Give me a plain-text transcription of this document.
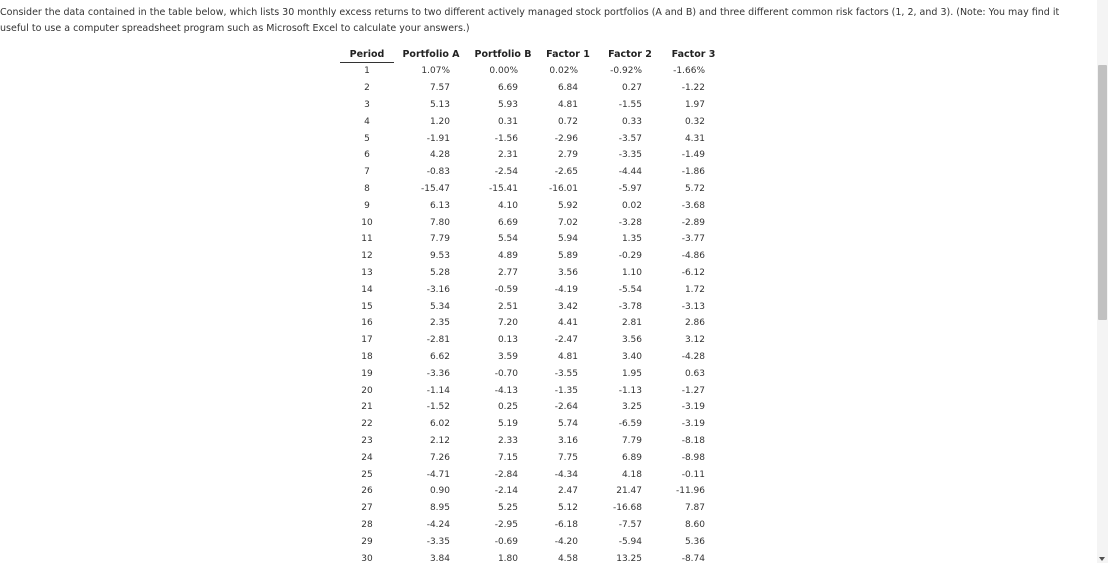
Consider the data contained in the table below, which lists 30 monthly excess returns to two different actively managed stock portfolios (A and B) and three different common risk factors (1, 2, and 3). (Note: You may find it useful to use a computer spreadsheet program such as Microsoft Excel to calculate your answers.)

Period	Portfolio A	Portfolio B	Factor 1	Factor 2	Factor 3
1	1.07%	0.00%	0.02%	-0.92%	-1.66%
2	7.57	6.69	6.84	0.27	-1.22
3	5.13	5.93	4.81	-1.55	1.97
4	1.20	0.31	0.72	0.33	0.32
5	-1.91	-1.56	-2.96	-3.57	4.31
6	4.28	2.31	2.79	-3.35	-1.49
7	-0.83	-2.54	-2.65	-4.44	-1.86
8	-15.47	-15.41	-16.01	-5.97	5.72
9	6.13	4.10	5.92	0.02	-3.68
10	7.80	6.69	7.02	-3.28	-2.89
11	7.79	5.54	5.94	1.35	-3.77
12	9.53	4.89	5.89	-0.29	-4.86
13	5.28	2.77	3.56	1.10	-6.12
14	-3.16	-0.59	-4.19	-5.54	1.72
15	5.34	2.51	3.42	-3.78	-3.13
16	2.35	7.20	4.41	2.81	2.86
17	-2.81	0.13	-2.47	3.56	3.12
18	6.62	3.59	4.81	3.40	-4.28
19	-3.36	-0.70	-3.55	1.95	0.63
20	-1.14	-4.13	-1.35	-1.13	-1.27
21	-1.52	0.25	-2.64	3.25	-3.19
22	6.02	5.19	5.74	-6.59	-3.19
23	2.12	2.33	3.16	7.79	-8.18
24	7.26	7.15	7.75	6.89	-8.98
25	-4.71	-2.84	-4.34	4.18	-0.11
26	0.90	-2.14	2.47	21.47	-11.96
27	8.95	5.25	5.12	-16.68	7.87
28	-4.24	-2.95	-6.18	-7.57	8.60
29	-3.35	-0.69	-4.20	-5.94	5.36
30	3.84	1.80	4.58	13.25	-8.74
